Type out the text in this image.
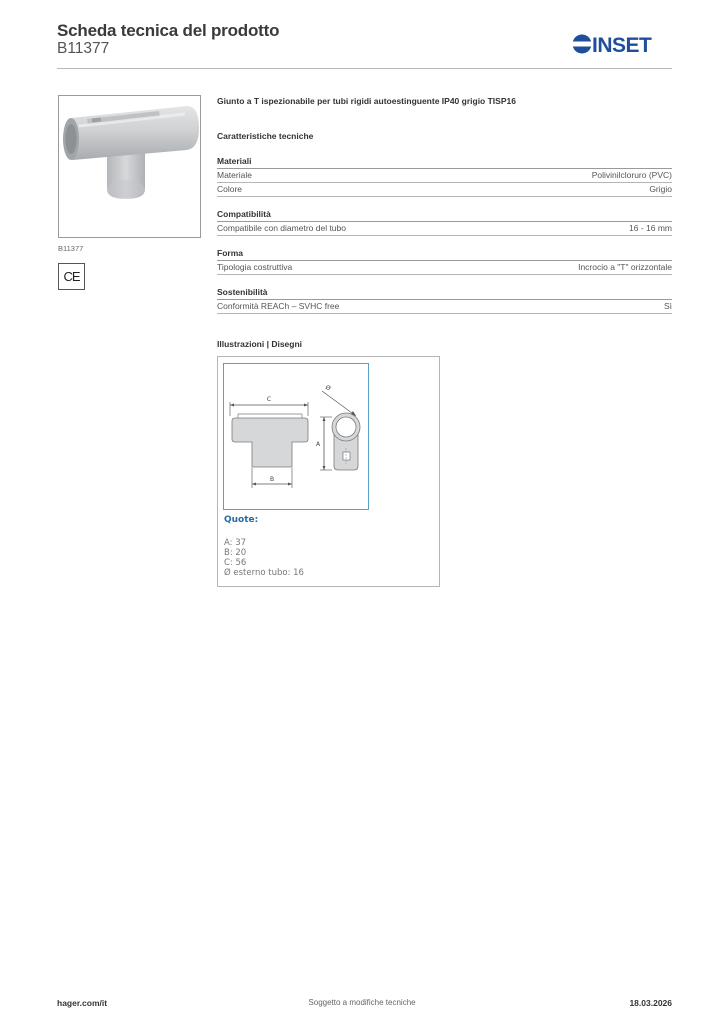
Scheda tecnica del prodotto
B11377	INSET
B11377
CE
Giunto a T ispezionabile per tubi rigidi autoestinguente IP40 grigio TISP16
Caratteristiche tecniche
Materiali
Materiale	Polivinilcloruro (PVC)
Colore	Grigio
Compatibilità
Compatibile con diametro del tubo	16 - 16 mm
Forma
Tipologia costruttiva	Incrocio a "T" orizzontale
Sostenibilità
Conformità REACh – SVHC free	Sì
Illustrazioni | Disegni
C
B
A
Ø
Quote:
A: 37
B: 20
C: 56
Ø esterno tubo: 16
hager.com/it	Soggetto a modifiche tecniche	18.03.2026
